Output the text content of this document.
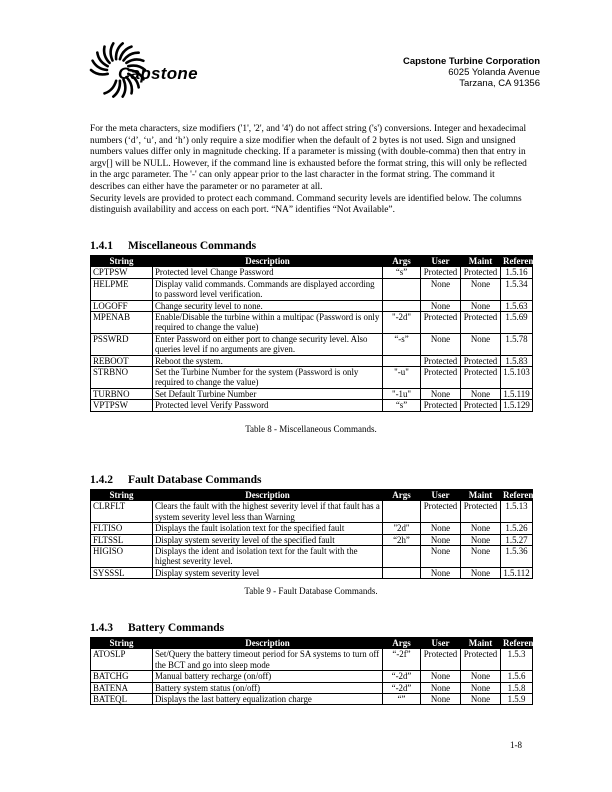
Capstone
Capstone Turbine Corporation
6025 Yolanda Avenue
Tarzana, CA 91356

For the meta characters, size modifiers ('1', '2', and '4') do not affect string ('s') conversions. Integer and hexadecimal numbers (‘d’, ‘u’, and ‘h’) only require a size modifier when the default of 2 bytes is not used. Sign and unsigned numbers values differ only in magnitude checking. If a parameter is missing (with double-comma) then that entry in argv[] will be NULL. However, if the command line is exhausted before the format string, this will only be reflected in the argc parameter. The '-' can only appear prior to the last character in the format string. The command it describes can either have the parameter or no parameter at all.

Security levels are provided to protect each command. Command security levels are identified below. The columns distinguish availability and access on each port. “NA” identifies “Not Available”.

1.4.1 Miscellaneous Commands
String	Description	Args	User	Maint	Reference
CPTPSW	Protected level Change Password	“s”	Protected	Protected	1.5.16
HELPME	Display valid commands. Commands are displayed according to password level verification.		None	None	1.5.34
LOGOFF	Change security level to none.		None	None	1.5.63
MPENAB	Enable/Disable the turbine within a multipac (Password is only required to change the value)	"-2d"	Protected	Protected	1.5.69
PSSWRD	Enter Password on either port to change security level. Also queries level if no arguments are given.	“-s”	None	None	1.5.78
REBOOT	Reboot the system.		Protected	Protected	1.5.83
STRBNO	Set the Turbine Number for the system (Password is only required to change the value)	"-u"	Protected	Protected	1.5.103
TURBNO	Set Default Turbine Number	"-1u"	None	None	1.5.119
VPTPSW	Protected level Verify Password	“s”	Protected	Protected	1.5.129
Table 8 - Miscellaneous Commands.
1.4.2 Fault Database Commands
String	Description	Args	User	Maint	Reference
CLRFLT	Clears the fault with the highest severity level if that fault has a system severity level less than Warning		Protected	Protected	1.5.13
FLTISO	Displays the fault isolation text for the specified fault	"2d"	None	None	1.5.26
FLTSSL	Display system severity level of the specified fault	“2h”	None	None	1.5.27
HIGISO	Displays the ident and isolation text for the fault with the highest severity level.		None	None	1.5.36
SYSSSL	Display system severity level		None	None	1.5.112
Table 9 - Fault Database Commands.
1.4.3 Battery Commands
String	Description	Args	User	Maint	Reference
ATOSLP	Set/Query the battery timeout period for SA systems to turn off the BCT and go into sleep mode	“-2f”	Protected	Protected	1.5.3
BATCHG	Manual battery recharge (on/off)	“-2d”	None	None	1.5.6
BATENA	Battery system status (on/off)	“-2d”	None	None	1.5.8
BATEQL	Displays the last battery equalization charge	“”	None	None	1.5.9
1-8
